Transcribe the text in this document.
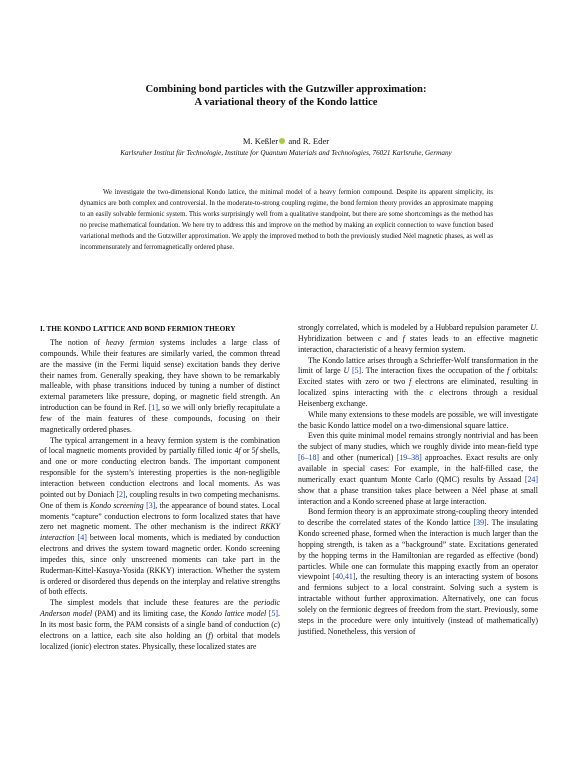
Combining bond particles with the Gutzwiller approximation:
A variational theory of the Kondo lattice
M. Keßler and R. Eder
Karlsruher Institut für Technologie, Institute for Quantum Materials and Technologies, 76021 Karlsruhe, Germany

We investigate the two-dimensional Kondo lattice, the minimal model of a heavy fermion compound. Despite its apparent simplicity, its dynamics are both complex and controversial. In the moderate-to-strong coupling regime, the bond fermion theory provides an approximate mapping to an easily solvable fermionic system. This works surprisingly well from a qualitative standpoint, but there are some shortcomings as the method has no precise mathematical foundation. We here try to address this and improve on the method by making an explicit connection to wave function based variational methods and the Gutzwiller approximation. We apply the improved method to both the previously studied Néel magnetic phases, as well as incommensurately and ferromagnetically ordered phase.

I. THE KONDO LATTICE AND BOND FERMION THEORY

The notion of heavy fermion systems includes a large class of compounds. While their features are similarly varied, the common thread are the massive (in the Fermi liquid sense) excitation bands they derive their names from. Generally speaking, they have shown to be remarkably malleable, with phase transitions induced by tuning a number of distinct external parameters like pressure, doping, or magnetic field strength. An introduction can be found in Ref. [1], so we will only briefly recapitulate a few of the main features of these compounds, focusing on their magnetically ordered phases.

The typical arrangement in a heavy fermion system is the combination of local magnetic moments provided by partially filled ionic 4f or 5f shells, and one or more conducting electron bands. The important component responsible for the system’s interesting properties is the non-negligible interaction between conduction electrons and local moments. As was pointed out by Doniach [2], coupling results in two competing mechanisms. One of them is Kondo screening [3], the appearance of bound states. Local moments “capture” conduction electrons to form localized states that have zero net magnetic moment. The other mechanism is the indirect RKKY interaction [4] between local moments, which is mediated by conduction electrons and drives the system toward magnetic order. Kondo screening impedes this, since only unscreened moments can take part in the Ruderman-Kittel-Kasuya-Yosida (RKKY) interaction. Whether the system is ordered or disordered thus depends on the interplay and relative strengths of both effects.

The simplest models that include these features are the periodic Anderson model (PAM) and its limiting case, the Kondo lattice model [5]. In its most basic form, the PAM consists of a single band of conduction (c) electrons on a lattice, each site also holding an (f) orbital that models localized (ionic) electron states. Physically, these localized states are

strongly correlated, which is modeled by a Hubbard repulsion parameter U. Hybridization between c and f states leads to an effective magnetic interaction, characteristic of a heavy fermion system.

The Kondo lattice arises through a Schrieffer-Wolf transformation in the limit of large U [5]. The interaction fixes the occupation of the f orbitals: Excited states with zero or two f electrons are eliminated, resulting in localized spins interacting with the c electrons through a residual Heisenberg exchange.

While many extensions to these models are possible, we will investigate the basic Kondo lattice model on a two-dimensional square lattice.

Even this quite minimal model remains strongly nontrivial and has been the subject of many studies, which we roughly divide into mean-field type [6–18] and other (numerical) [19–38] approaches. Exact results are only available in special cases: For example, in the half-filled case, the numerically exact quantum Monte Carlo (QMC) results by Assaad [24] show that a phase transition takes place between a Néel phase at small interaction and a Kondo screened phase at large interaction.

Bond fermion theory is an approximate strong-coupling theory intended to describe the correlated states of the Kondo lattice [39]. The insulating Kondo screened phase, formed when the interaction is much larger than the hopping strength, is taken as a “background” state. Excitations generated by the hopping terms in the Hamiltonian are regarded as effective (bond) particles. While one can formulate this mapping exactly from an operator viewpoint [40,41], the resulting theory is an interacting system of bosons and fermions subject to a local constraint. Solving such a system is intractable without further approximation. Alternatively, one can focus solely on the fermionic degrees of freedom from the start. Previously, some steps in the procedure were only intuitively (instead of mathematically) justified. Nonetheless, this version of
